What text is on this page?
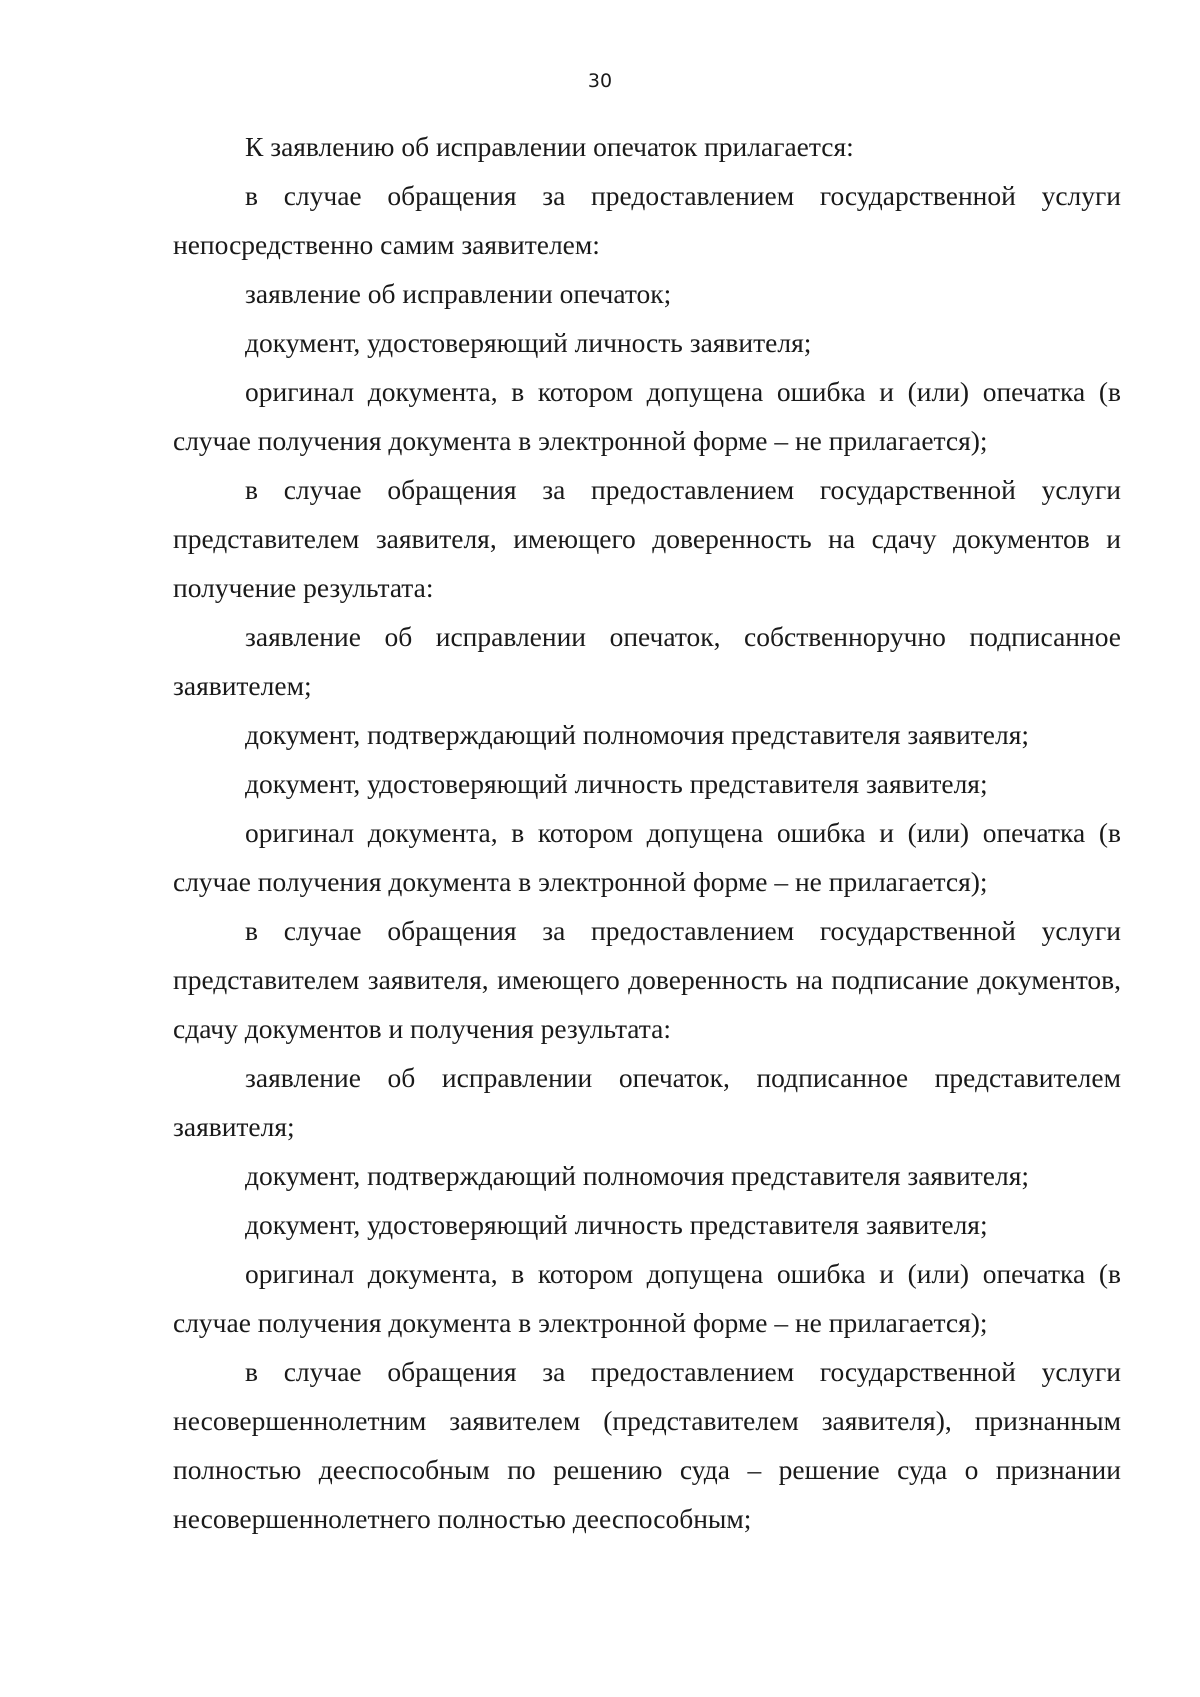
30

К заявлению об исправлении опечаток прилагается:

в случае обращения за предоставлением государственной услуги непосредственно самим заявителем:

заявление об исправлении опечаток;

документ, удостоверяющий личность заявителя;

оригинал документа, в котором допущена ошибка и (или) опечатка (в случае получения документа в электронной форме – не прилагается);

в случае обращения за предоставлением государственной услуги представителем заявителя, имеющего доверенность на сдачу документов и получение результата:

заявление об исправлении опечаток, собственноручно подписанное заявителем;

документ, подтверждающий полномочия представителя заявителя;

документ, удостоверяющий личность представителя заявителя;

оригинал документа, в котором допущена ошибка и (или) опечатка (в случае получения документа в электронной форме – не прилагается);

в случае обращения за предоставлением государственной услуги представителем заявителя, имеющего доверенность на подписание документов, сдачу документов и получения результата:

заявление об исправлении опечаток, подписанное представителем заявителя;

документ, подтверждающий полномочия представителя заявителя;

документ, удостоверяющий личность представителя заявителя;

оригинал документа, в котором допущена ошибка и (или) опечатка (в случае получения документа в электронной форме – не прилагается);

в случае обращения за предоставлением государственной услуги несовершеннолетним заявителем (представителем заявителя), признанным полностью дееспособным по решению суда – решение суда о признании несовершеннолетнего полностью дееспособным;
